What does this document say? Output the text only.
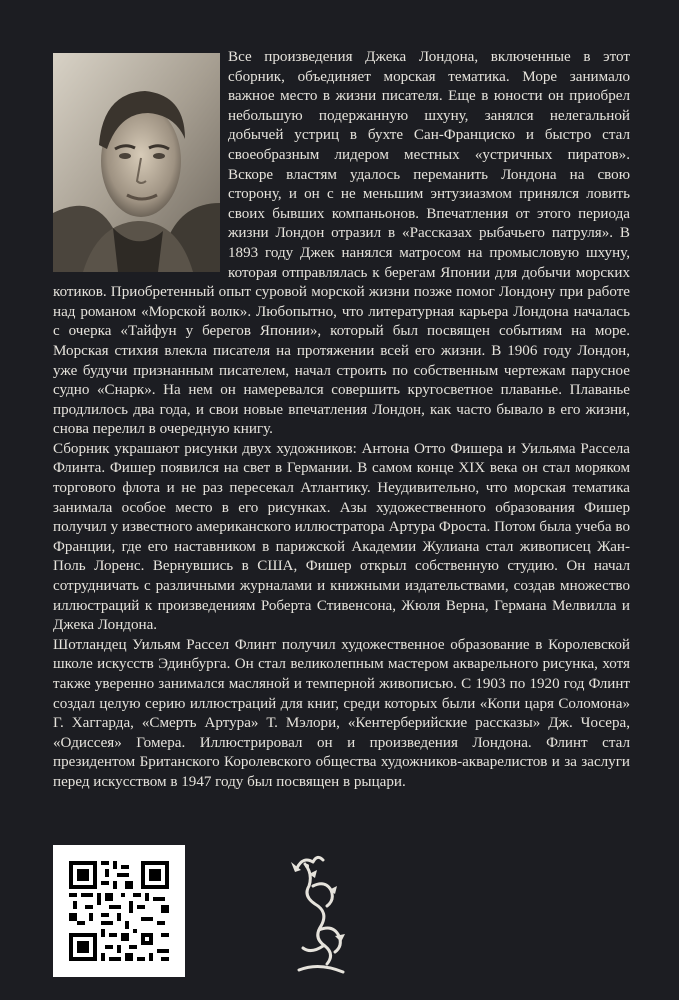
Все произведения Джека Лондона, включенные в этот сборник, объединяет морская тематика. Море занимало важное место в жизни писателя. Еще в юности он приобрел небольшую подержанную шхуну, занялся нелегальной добычей устриц в бухте Сан-Франциско и быстро стал своеобразным лидером местных «устричных пиратов». Вскоре властям удалось переманить Лондона на свою сторону, и он с не меньшим энтузиазмом принялся ловить своих бывших компаньонов. Впечатления от этого периода жизни Лондон отразил в «Рассказах рыбачьего патруля». В 1893 году Джек нанялся матросом на промысловую шхуну, которая отправлялась к берегам Японии для добычи морских котиков. Приобретенный опыт суровой морской жизни позже помог Лондону при работе над романом «Морской волк». Любопытно, что литературная карьера Лондона началась с очерка «Тайфун у берегов Японии», который был посвящен событиям на море. Морская стихия влекла писателя на протяжении всей его жизни. В 1906 году Лондон, уже будучи признанным писателем, начал строить по собственным чертежам парусное судно «Снарк». На нем он намеревался совершить кругосветное плаванье. Плаванье продлилось два года, и свои новые впечатления Лондон, как часто бывало в его жизни, снова перелил в очередную книгу.

Сборник украшают рисунки двух художников: Антона Отто Фишера и Уильяма Рассела Флинта. Фишер появился на свет в Германии. В самом конце XIX века он стал моряком торгового флота и не раз пересекал Атлантику. Неудивительно, что морская тематика занимала особое место в его рисунках. Азы художественного образования Фишер получил у известного американского иллюстратора Артура Фроста. Потом была учеба во Франции, где его наставником в парижской Академии Жулиана стал живописец Жан-Поль Лоренс. Вернувшись в США, Фишер открыл собственную студию. Он начал сотрудничать с различными журналами и книжными издательствами, создав множество иллюстраций к произведениям Роберта Стивенсона, Жюля Верна, Германа Мелвилла и Джека Лондона.

Шотландец Уильям Рассел Флинт получил художественное образование в Королевской школе искусств Эдинбурга. Он стал великолепным мастером акварельного рисунка, хотя также уверенно занимался масляной и темперной живописью. С 1903 по 1920 год Флинт создал целую серию иллюстраций для книг, среди которых были «Копи царя Соломона» Г. Хаггарда, «Смерть Артура» Т. Мэлори, «Кентерберийские рассказы» Дж. Чосера, «Одиссея» Гомера. Иллюстрировал он и произведения Лондона. Флинт стал президентом Британского Королевского общества художников-акварелистов и за заслуги перед искусством в 1947 году был посвящен в рыцари.
